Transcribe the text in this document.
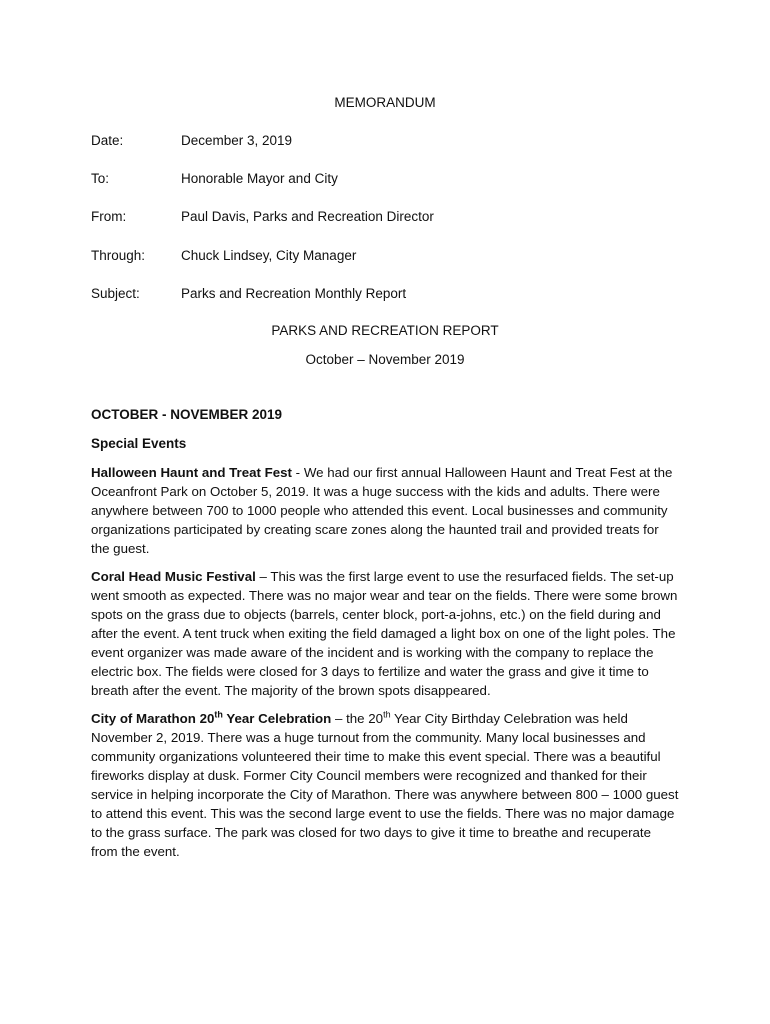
MEMORANDUM
Date:	December 3, 2019
To:	Honorable Mayor and City
From:	Paul Davis, Parks and Recreation Director
Through:	Chuck Lindsey, City Manager
Subject:	Parks and Recreation Monthly Report
PARKS AND RECREATION REPORT
October – November 2019
OCTOBER - NOVEMBER 2019
Special Events
Halloween Haunt and Treat Fest - We had our first annual Halloween Haunt and Treat Fest at the Oceanfront Park on October 5, 2019. It was a huge success with the kids and adults. There were anywhere between 700 to 1000 people who attended this event. Local businesses and community organizations participated by creating scare zones along the haunted trail and provided treats for the guest.
Coral Head Music Festival – This was the first large event to use the resurfaced fields. The set-up went smooth as expected. There was no major wear and tear on the fields. There were some brown spots on the grass due to objects (barrels, center block, port-a-johns, etc.) on the field during and after the event. A tent truck when exiting the field damaged a light box on one of the light poles. The event organizer was made aware of the incident and is working with the company to replace the electric box. The fields were closed for 3 days to fertilize and water the grass and give it time to breath after the event. The majority of the brown spots disappeared.
City of Marathon 20th Year Celebration – the 20th Year City Birthday Celebration was held November 2, 2019. There was a huge turnout from the community. Many local businesses and community organizations volunteered their time to make this event special. There was a beautiful fireworks display at dusk. Former City Council members were recognized and thanked for their service in helping incorporate the City of Marathon. There was anywhere between 800 – 1000 guest to attend this event. This was the second large event to use the fields. There was no major damage to the grass surface. The park was closed for two days to give it time to breathe and recuperate from the event.
